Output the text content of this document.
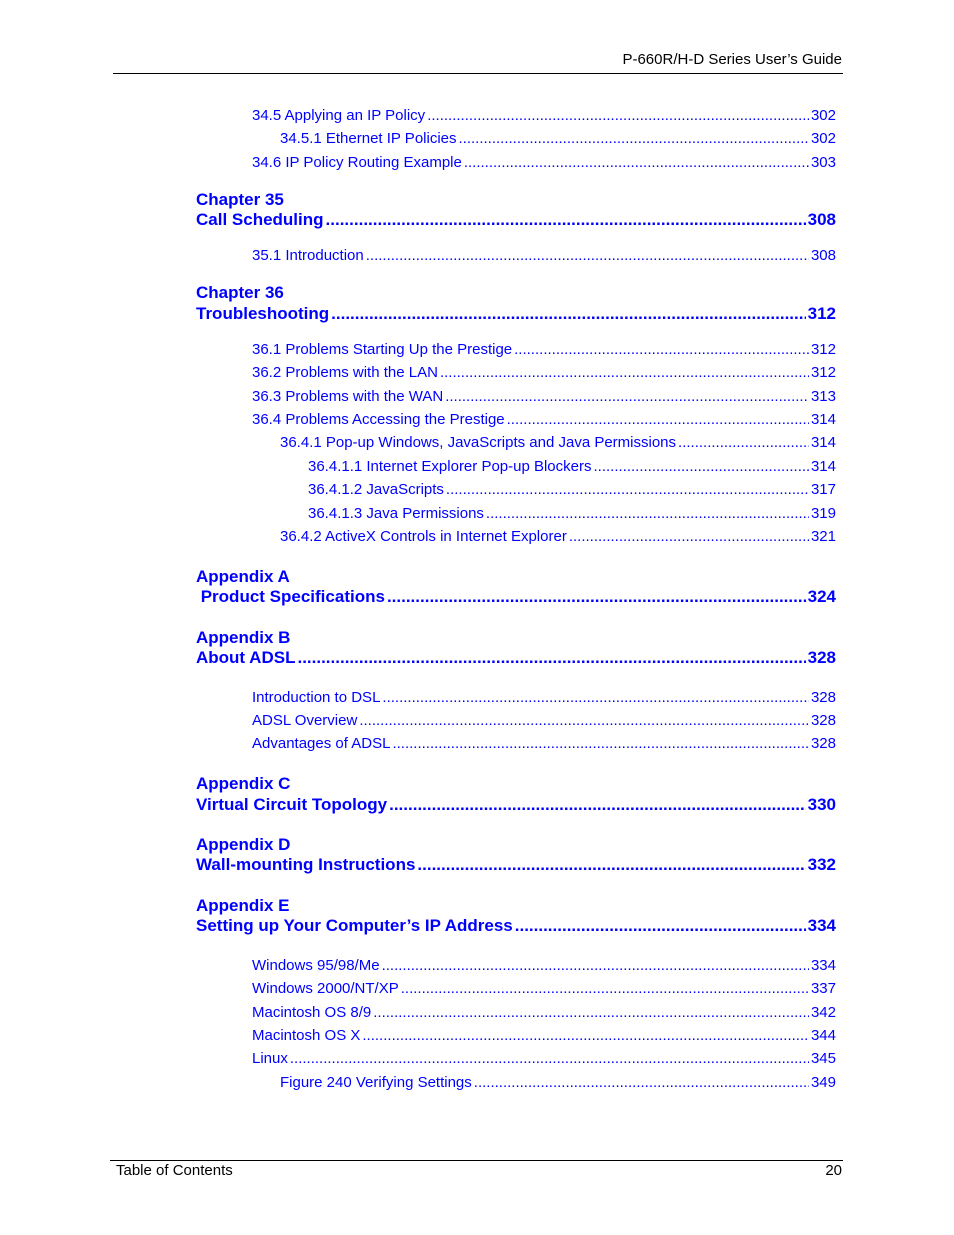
P-660R/H-D Series User’s Guide
34.5 Applying an IP Policy .....	302
34.5.1 Ethernet IP Policies .....	302
34.6 IP Policy Routing Example .....	303
Chapter 35
Call Scheduling .....	308
35.1 Introduction .....	308
Chapter 36
Troubleshooting .....	312
36.1 Problems Starting Up the Prestige .....	312
36.2 Problems with the LAN .....	312
36.3 Problems with the WAN .....	313
36.4 Problems Accessing the Prestige .....	314
36.4.1 Pop-up Windows, JavaScripts and Java Permissions .....	314
36.4.1.1 Internet Explorer Pop-up Blockers .....	314
36.4.1.2 JavaScripts .....	317
36.4.1.3 Java Permissions .....	319
36.4.2 ActiveX Controls in Internet Explorer .....	321
Appendix A
Product Specifications .....	324
Appendix B
About ADSL .....	328
Introduction to DSL .....	328
ADSL Overview .....	328
Advantages of ADSL .....	328
Appendix C
Virtual Circuit Topology .....	330
Appendix D
Wall-mounting Instructions .....	332
Appendix E
Setting up Your Computer’s IP Address .....	334
Windows 95/98/Me .....	334
Windows 2000/NT/XP .....	337
Macintosh OS 8/9 .....	342
Macintosh OS X .....	344
Linux .....	345
Figure 240 Verifying Settings .....	349
Table of Contents	20
